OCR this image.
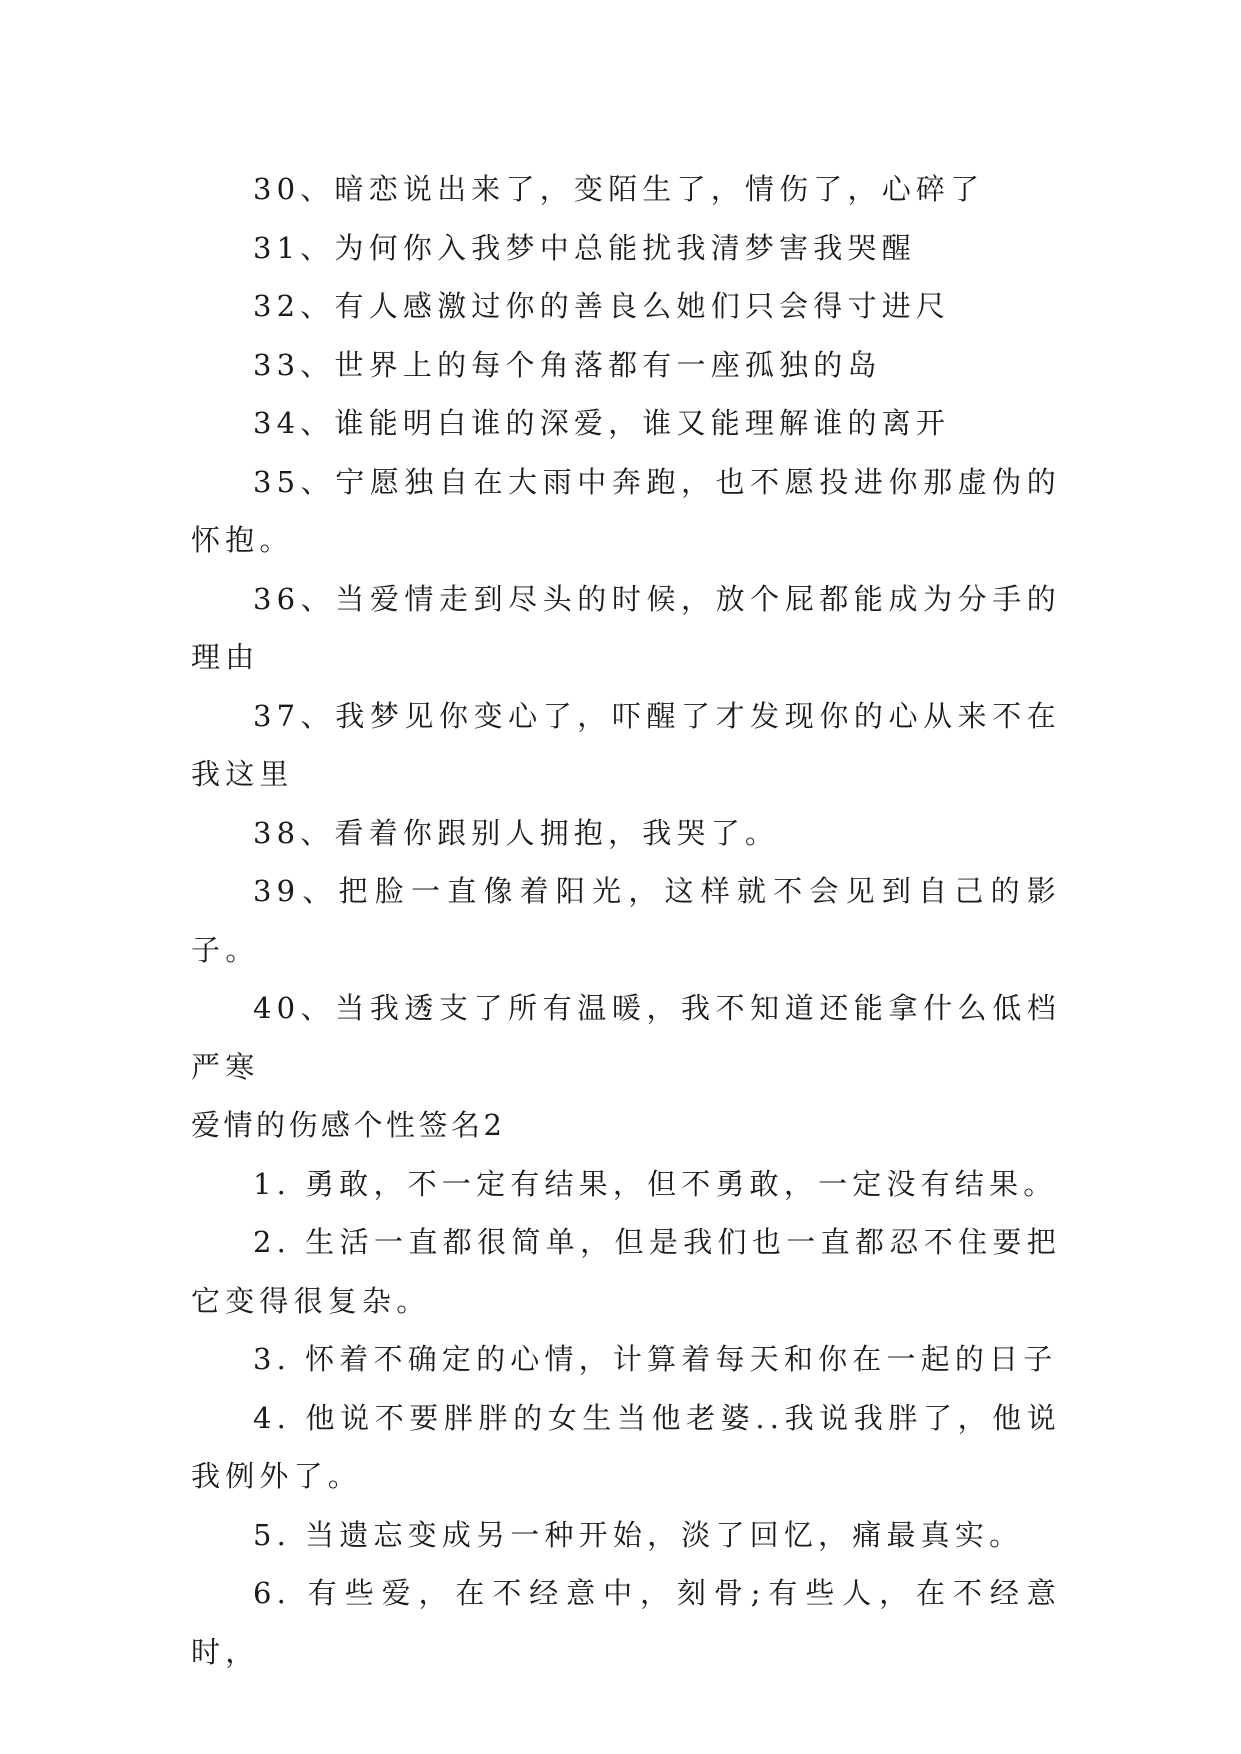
30、暗恋说出来了，变陌生了，情伤了，心碎了

31、为何你入我梦中总能扰我清梦害我哭醒

32、有人感激过你的善良么她们只会得寸进尺

33、世界上的每个角落都有一座孤独的岛

34、谁能明白谁的深爱，谁又能理解谁的离开

35、宁愿独自在大雨中奔跑，也不愿投进你那虚伪的怀抱。

36、当爱情走到尽头的时候，放个屁都能成为分手的理由

37、我梦见你变心了，吓醒了才发现你的心从来不在我这里

38、看着你跟别人拥抱，我哭了。

39、把脸一直像着阳光，这样就不会见到自己的影子。

40、当我透支了所有温暖，我不知道还能拿什么低档严寒

爱情的伤感个性签名2

1. 勇敢，不一定有结果，但不勇敢，一定没有结果。

2. 生活一直都很简单，但是我们也一直都忍不住要把它变得很复杂。

3. 怀着不确定的心情，计算着每天和你在一起的日子

4. 他说不要胖胖的女生当他老婆..我说我胖了，他说我例外了。

5. 当遗忘变成另一种开始，淡了回忆，痛最真实。

6. 有些爱，在不经意中，刻骨;有些人，在不经意时，
